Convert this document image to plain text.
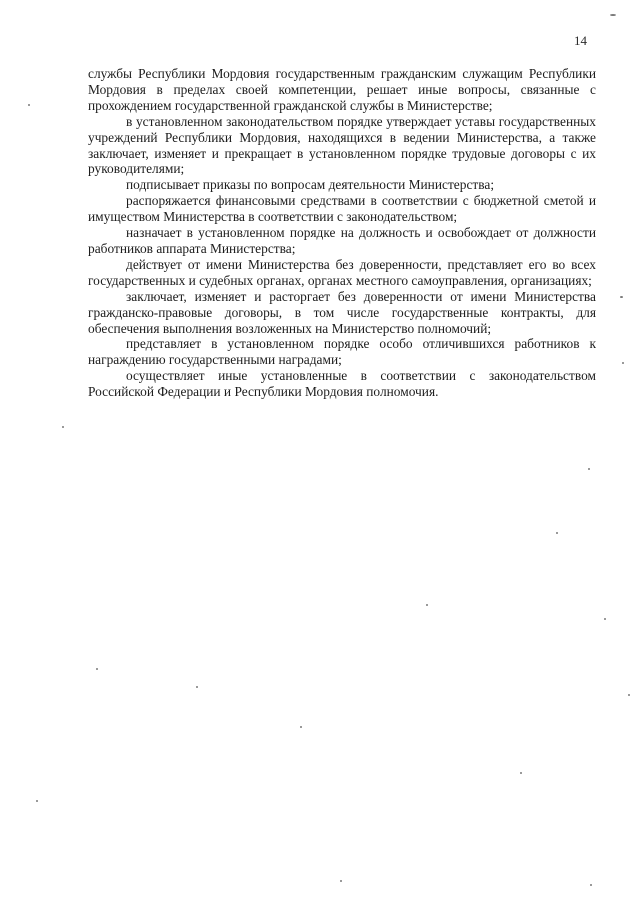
14

службы Республики Мордовия государственным гражданским служащим Республики Мордовия в пределах своей компетенции, решает иные вопросы, связанные с прохождением государственной гражданской службы в Министерстве;

в установленном законодательством порядке утверждает уставы государственных учреждений Республики Мордовия, находящихся в ведении Министерства, а также заключает, изменяет и прекращает в установленном порядке трудовые договоры с их руководителями;

подписывает приказы по вопросам деятельности Министерства;

распоряжается финансовыми средствами в соответствии с бюджетной сметой и имуществом Министерства в соответствии с законодательством;

назначает в установленном порядке на должность и освобождает от должности работников аппарата Министерства;

действует от имени Министерства без доверенности, представляет его во всех государственных и судебных органах, органах местного самоуправления, организациях;

заключает, изменяет и расторгает без доверенности от имени Министерства гражданско-правовые договоры, в том числе государственные контракты, для обеспечения выполнения возложенных на Министерство полномочий;

представляет в установленном порядке особо отличившихся работников к награждению государственными наградами;

осуществляет иные установленные в соответствии с законодательством Российской Федерации и Республики Мордовия полномочия.
